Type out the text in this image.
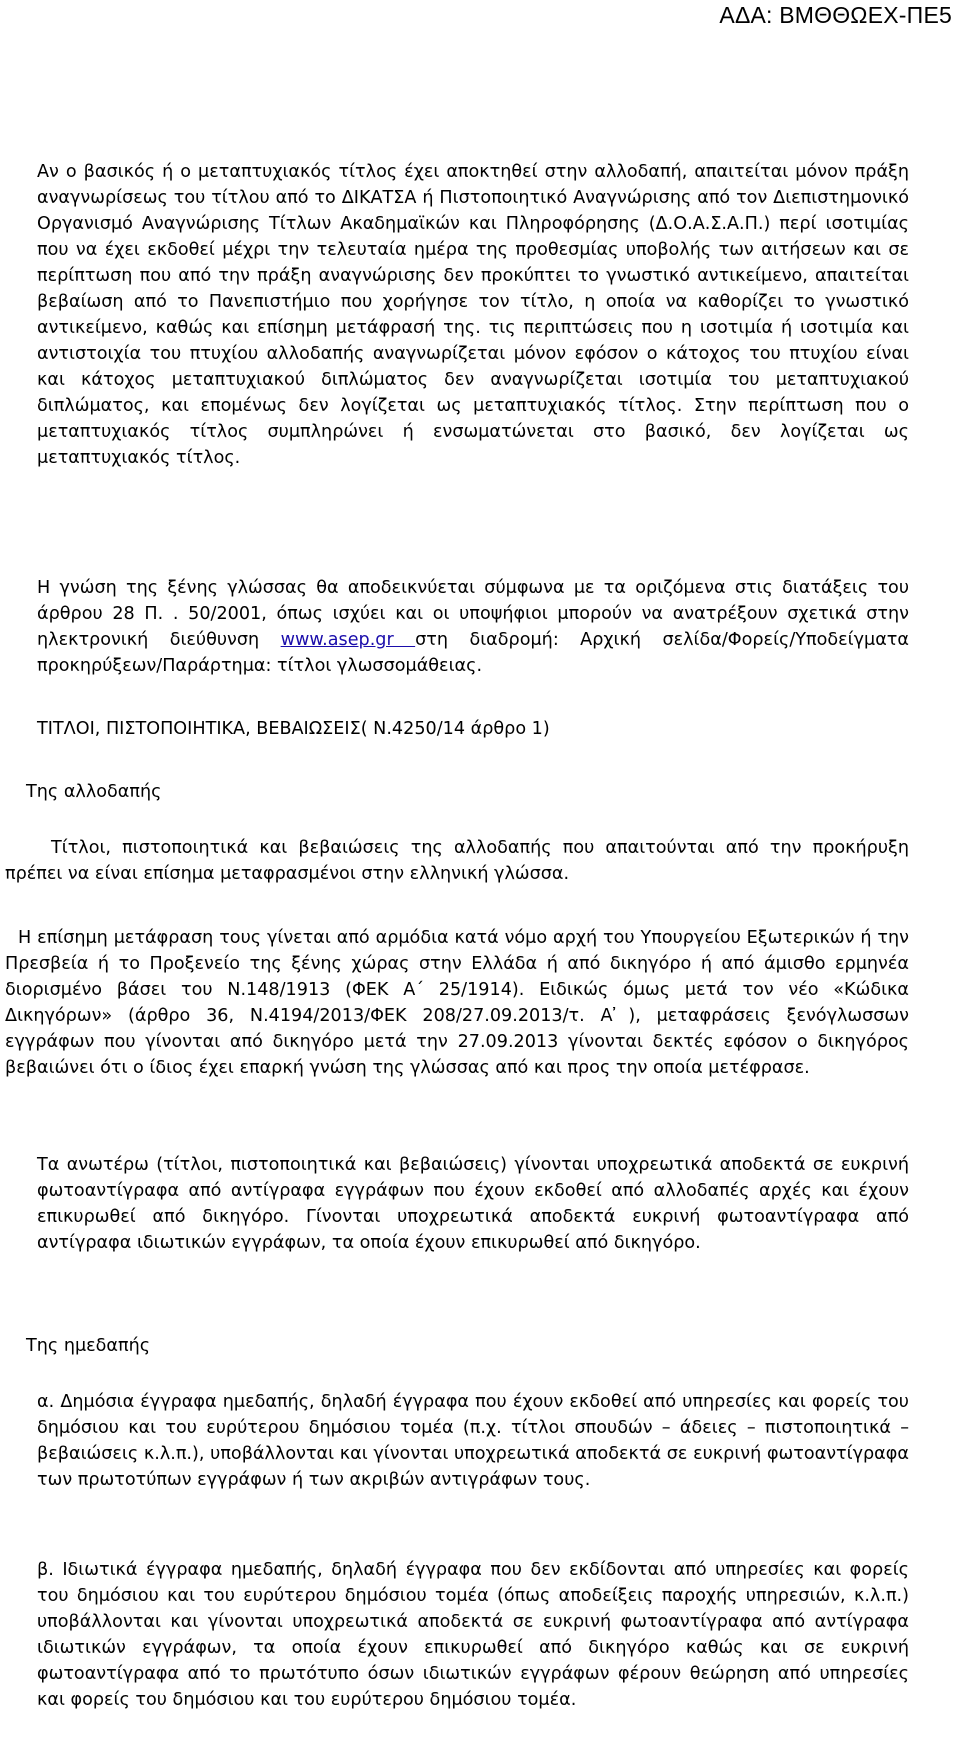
ΑΔΑ: ΒΜΘΘΩΕΧ-ΠΕ5
Αν ο βασικός ή ο μεταπτυχιακός τίτλος έχει αποκτηθεί στην αλλοδαπή, απαιτείται μόνον πράξη αναγνωρίσεως του τίτλου από το ΔΙΚΑΤΣΑ ή Πιστοποιητικό Αναγνώρισης από τον Διεπιστημονικό Οργανισμό Αναγνώρισης Τίτλων Ακαδημαϊκών και Πληροφόρησης (Δ.Ο.Α.Σ.Α.Π.) περί ισοτιμίας που να έχει εκδοθεί μέχρι την τελευταία ημέρα της προθεσμίας υποβολής των αιτήσεων και σε περίπτωση που από την πράξη αναγνώρισης δεν προκύπτει το γνωστικό αντικείμενο, απαιτείται βεβαίωση από το Πανεπιστήμιο που χορήγησε τον τίτλο, η οποία να καθορίζει το γνωστικό αντικείμενο, καθώς και επίσημη μετάφρασή της. τις περιπτώσεις που η ισοτιμία ή ισοτιμία και αντιστοιχία του πτυχίου αλλοδαπής αναγνωρίζεται μόνον εφόσον ο κάτοχος του πτυχίου είναι και κάτοχος μεταπτυχιακού διπλώματος δεν αναγνωρίζεται ισοτιμία του μεταπτυχιακού διπλώματος, και επομένως δεν λογίζεται ως μεταπτυχιακός τίτλος. Στην περίπτωση που ο μεταπτυχιακός τίτλος συμπληρώνει ή ενσωματώνεται στο βασικό, δεν λογίζεται ως μεταπτυχιακός τίτλος.
Η γνώση της ξένης γλώσσας θα αποδεικνύεται σύμφωνα με τα οριζόμενα στις διατάξεις του άρθρου 28 Π. . 50/2001, όπως ισχύει και οι υποψήφιοι μπορούν να ανατρέξουν σχετικά στην ηλεκτρονική διεύθυνση www.asep.gr στη διαδρομή: Αρχική σελίδα/Φορείς/Υποδείγματα προκηρύξεων/Παράρτημα: τίτλοι γλωσσομάθειας.
ΤΙΤΛΟΙ, ΠΙΣΤΟΠΟΙΗΤΙΚΑ, ΒΕΒΑΙΩΣΕΙΣ( Ν.4250/14 άρθρο 1)
Της αλλοδαπής
Τίτλοι, πιστοποιητικά και βεβαιώσεις της αλλοδαπής που απαιτούνται από την προκήρυξη πρέπει να είναι επίσημα μεταφρασμένοι στην ελληνική γλώσσα.
Η επίσημη μετάφραση τους γίνεται από αρμόδια κατά νόμο αρχή του Υπουργείου Εξωτερικών ή την Πρεσβεία ή το Προξενείο της ξένης χώρας στην Ελλάδα ή από δικηγόρο ή από άμισθο ερμηνέα διορισμένο βάσει του Ν.148/1913 (ΦΕΚ Α΄ 25/1914). Ειδικώς όμως μετά τον νέο «Κώδικα Δικηγόρων» (άρθρο 36, Ν.4194/2013/ΦΕΚ 208/27.09.2013/τ. Α ҆), μεταφράσεις ξενόγλωσσων εγγράφων που γίνονται από δικηγόρο μετά την 27.09.2013 γίνονται δεκτές εφόσον ο δικηγόρος βεβαιώνει ότι ο ίδιος έχει επαρκή γνώση της γλώσσας από και προς την οποία μετέφρασε.
Τα ανωτέρω (τίτλοι, πιστοποιητικά και βεβαιώσεις) γίνονται υποχρεωτικά αποδεκτά σε ευκρινή φωτοαντίγραφα από αντίγραφα εγγράφων που έχουν εκδοθεί από αλλοδαπές αρχές και έχουν επικυρωθεί από δικηγόρο. Γίνονται υποχρεωτικά αποδεκτά ευκρινή φωτοαντίγραφα από αντίγραφα ιδιωτικών εγγράφων, τα οποία έχουν επικυρωθεί από δικηγόρο.
Της ημεδαπής
α. Δημόσια έγγραφα ημεδαπής, δηλαδή έγγραφα που έχουν εκδοθεί από υπηρεσίες και φορείς του δημόσιου και του ευρύτερου δημόσιου τομέα (π.χ. τίτλοι σπουδών – άδειες – πιστοποιητικά – βεβαιώσεις κ.λ.π.), υποβάλλονται και γίνονται υποχρεωτικά αποδεκτά σε ευκρινή φωτοαντίγραφα των πρωτοτύπων εγγράφων ή των ακριβών αντιγράφων τους.
β. Ιδιωτικά έγγραφα ημεδαπής, δηλαδή έγγραφα που δεν εκδίδονται από υπηρεσίες και φορείς του δημόσιου και του ευρύτερου δημόσιου τομέα (όπως αποδείξεις παροχής υπηρεσιών, κ.λ.π.) υποβάλλονται και γίνονται υποχρεωτικά αποδεκτά σε ευκρινή φωτοαντίγραφα από αντίγραφα ιδιωτικών εγγράφων, τα οποία έχουν επικυρωθεί από δικηγόρο καθώς και σε ευκρινή φωτοαντίγραφα από το πρωτότυπο όσων ιδιωτικών εγγράφων φέρουν θεώρηση από υπηρεσίες και φορείς του δημόσιου και του ευρύτερου δημόσιου τομέα.
